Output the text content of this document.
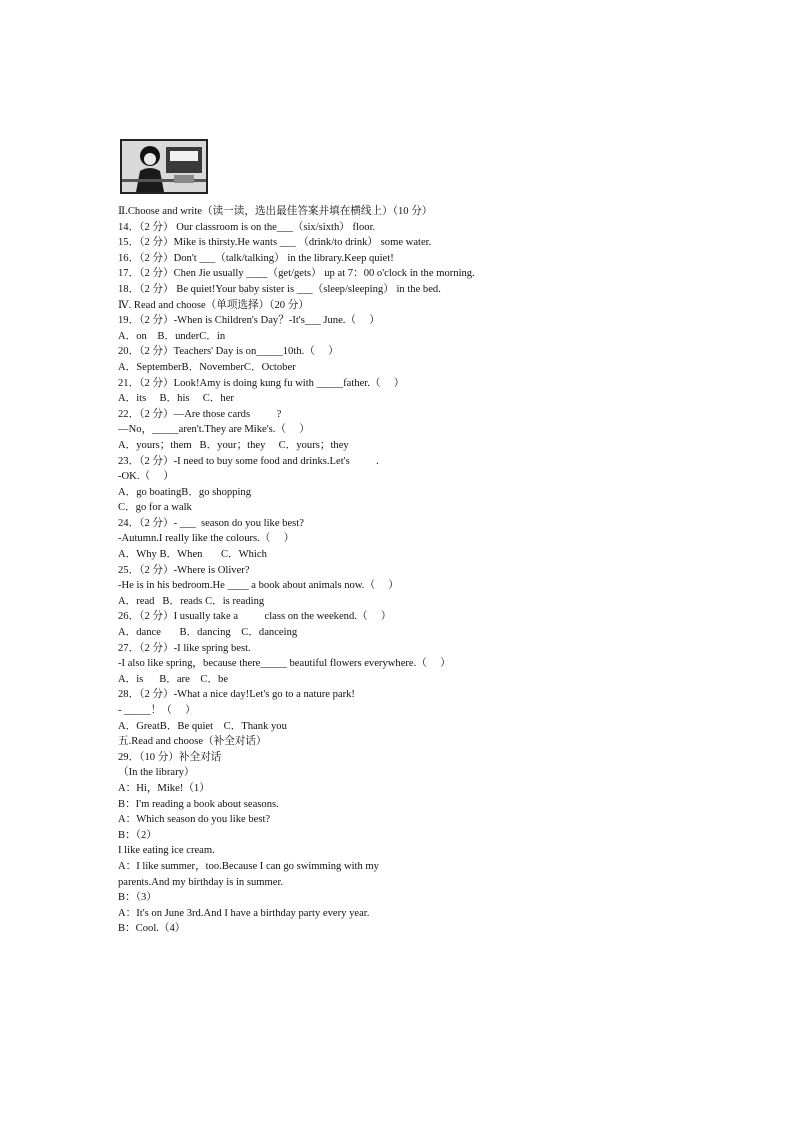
Ⅱ.Choose and write（读一读，选出最佳答案并填在横线上）（10 分）
14．（2 分） Our classroom is on the___（six/sixth） floor.
15．（2 分）Mike is thirsty.He wants ___ （drink/to drink） some water.
16．（2 分）Don't ___（talk/talking） in the library.Keep quiet!
17．（2 分）Chen Jie usually ____（get/gets） up at 7：00 o'clock in the morning.
18．（2 分） Be quiet!Your baby sister is ___（sleep/sleeping） in the bed.
Ⅳ. Read and choose（单项选择）（20 分）
19．（2 分）-When is Children's Day？-It's___ June.（     ）
A．on    B．underC．in
20．（2 分）Teachers' Day is on_____10th.（     ）
A．SeptemberB．NovemberC．October
21．（2 分）Look!Amy is doing kung fu with _____father.（     ）
A．its     B．his     C．her
22．（2 分）—Are those cards          ?
—No，_____aren't.They are Mike's.（     ）
A．yours；them   B．your；they     C．yours；they
23．（2 分）-I need to buy some food and drinks.Let's          .
-OK.（     ）
A．go boatingB．go shopping
C．go for a walk
24．（2 分）- ___  season do you like best?
-Autumn.I really like the colours.（     ）
A．Why B．When       C．Which
25．（2 分）-Where is Oliver?
-He is in his bedroom.He ____ a book about animals now.（     ）
A．read   B．reads C．is reading
26．（2 分）I usually take a          class on the weekend.（     ）
A．dance       B．dancing    C．danceing
27．（2 分）-I like spring best.
-I also like spring，because there_____ beautiful flowers everywhere.（     ）
A．is      B．are    C．be
28．（2 分）-What a nice day!Let's go to a nature park!
- _____！（     ）
A．GreatB．Be quiet    C．Thank you
五.Read and choose（补全对话）
29．（10 分）补全对话
（In the library）
A：Hi，Mike!（1）
B：I'm reading a book about seasons.
A：Which season do you like best?
B：（2）
I like eating ice cream.
A：I like summer，too.Because I can go swimming with my
parents.And my birthday is in summer.
B：（3）
A：It's on June 3rd.And I have a birthday party every year.
B：Cool.（4）
